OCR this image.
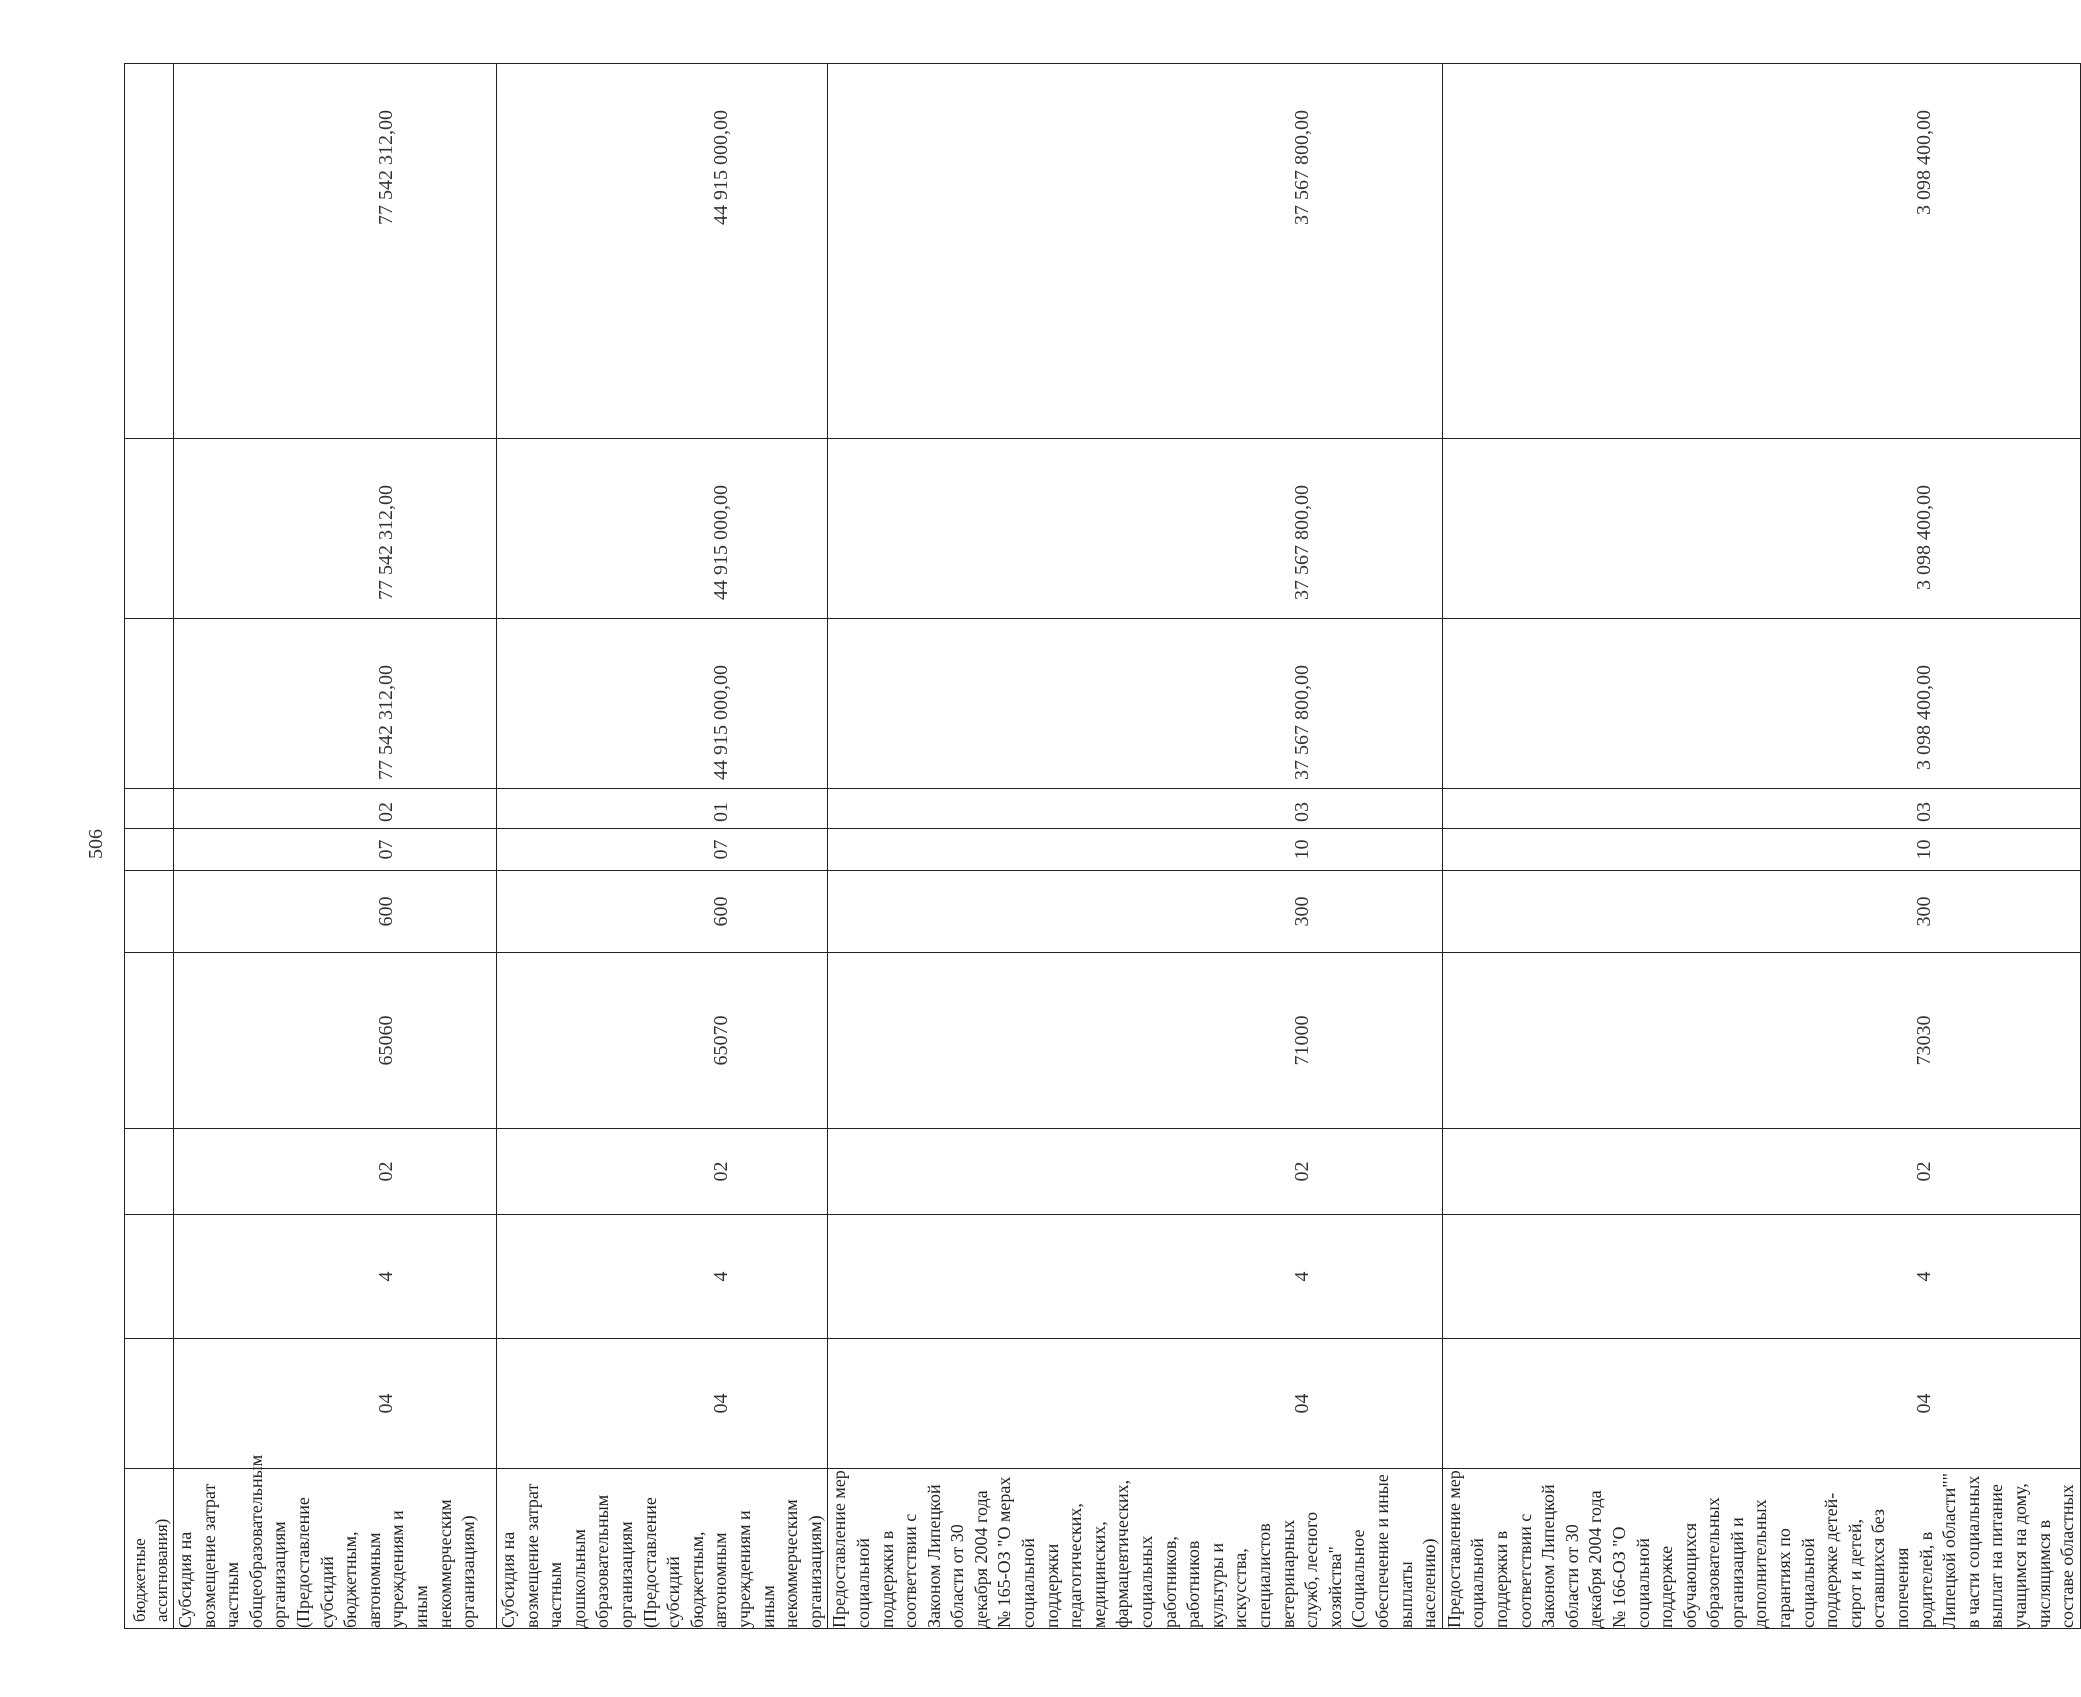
506
бюджетные ассигнования)										
Субсидия на возмещение затрат частным общеобразовательным организациям (Предоставление субсидий бюджетным, автономным учреждениям и иным некоммерческим организациям)	04	4	02	65060	600	07	02	77 542 312,00	77 542 312,00	77 542 312,00
Субсидия на возмещение затрат частным дошкольным образовательным организациям (Предоставление субсидий бюджетным, автономным учреждениям и иным некоммерческим организациям)	04	4	02	65070	600	07	01	44 915 000,00	44 915 000,00	44 915 000,00
Предоставление мер социальной поддержки в соответствии с Законом Липецкой области от 30 декабря 2004 года № 165-ОЗ "О мерах социальной поддержки педагогических, медицинских, фармацевтических, социальных работников, работников культуры и искусства, специалистов ветеринарных служб, лесного хозяйства" (Социальное обеспечение и иные выплаты населению)	04	4	02	71000	300	10	03	37 567 800,00	37 567 800,00	37 567 800,00
Предоставление мер социальной поддержки в соответствии с Законом Липецкой области от 30 декабря 2004 года № 166-ОЗ "О социальной поддержке обучающихся образовательных организаций и дополнительных гарантиях по социальной поддержке детей-сирот и детей, оставшихся без попечения родителей, в Липецкой области"" в части социальных выплат на питание учащимся на дому, числящимся в составе областных	04	4	02	73030	300	10	03	3 098 400,00	3 098 400,00	3 098 400,00
